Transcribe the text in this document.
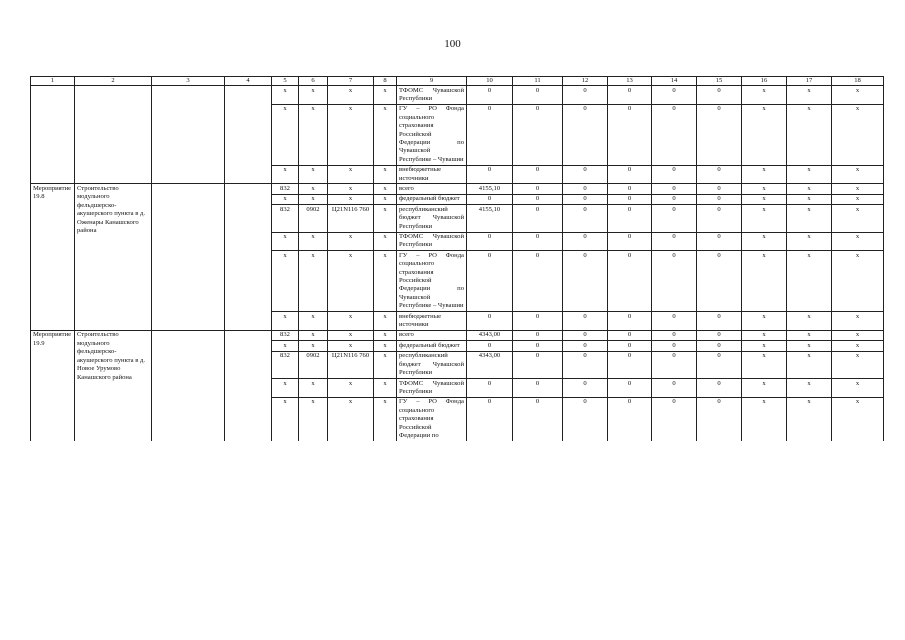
100
1	2	3	4	5	6	7	8	9	10	11	12	13	14	15	16	17	18
				x	x	x	x	ТФОМС Чувашской Республики	0	0	0	0	0	0	x	x	x
				x	x	x	x	ГУ – РО Фонда социального страхования Российской Федерации по Чувашской Республике – Чувашии	0	0	0	0	0	0	x	x	x
				x	x	x	x	внебюджетные источники	0	0	0	0	0	0	x	x	x
Мероприятие 19.8	Строительство модульного фельдшерско-акушерского пункта в д. Оженары Канашского района			832	x	x	x	всего	4155,10	0	0	0	0	0	x	x	x
				x	x	x	x	федеральный бюджет	0	0	0	0	0	0	x	x	x
				832	0902	Ц21N116 760	x	республиканский бюджет Чувашской Республики	4155,10	0	0	0	0	0	x	x	x
				x	x	x	x	ТФОМС Чувашской Республики	0	0	0	0	0	0	x	x	x
				x	x	x	x	ГУ – РО Фонда социального страхования Российской Федерации по Чувашской Республике – Чувашии	0	0	0	0	0	0	x	x	x
				x	x	x	x	внебюджетные источники	0	0	0	0	0	0	x	x	x
Мероприятие 19.9	Строительство модульного фельдшерско-акушерского пункта в д. Новое Урумово Канашского района			832	x	x	x	всего	4343,00	0	0	0	0	0	x	x	x
				x	x	x	x	федеральный бюджет	0	0	0	0	0	0	x	x	x
				832	0902	Ц21N116 760	x	республиканский бюджет Чувашской Республики	4343,00	0	0	0	0	0	x	x	x
				x	x	x	x	ТФОМС Чувашской Республики	0	0	0	0	0	0	x	x	x
				x	x	x	x	ГУ – РО Фонда социального страхования Российской Федерации по	0	0	0	0	0	0	x	x	x
